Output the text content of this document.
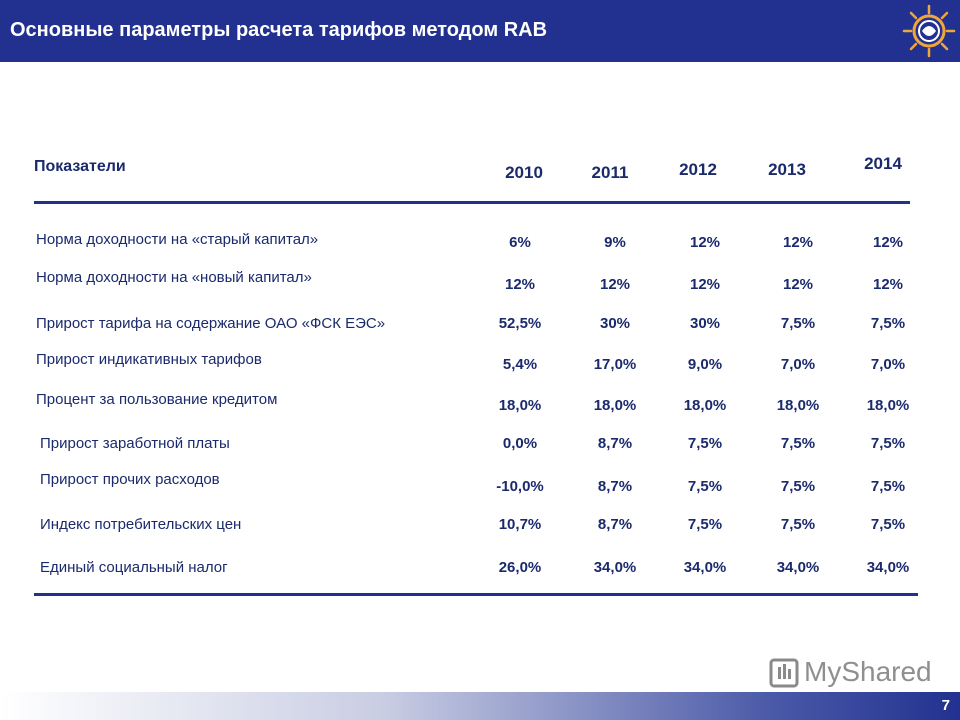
Основные параметры расчета тарифов методом RAB
Показатели	2010	2011	2012	2013	2014
Норма доходности на «старый капитал»	6%	9%	12%	12%	12%
Норма доходности на «новый капитал»	12%	12%	12%	12%	12%
Прирост тарифа на содержание ОАО «ФСК ЕЭС»	52,5%	30%	30%	7,5%	7,5%
Прирост индикативных тарифов	5,4%	17,0%	9,0%	7,0%	7,0%
Процент за пользование кредитом	18,0%	18,0%	18,0%	18,0%	18,0%
Прирост заработной платы	0,0%	8,7%	7,5%	7,5%	7,5%
Прирост прочих расходов	-10,0%	8,7%	7,5%	7,5%	7,5%
Индекс потребительских цен	10,7%	8,7%	7,5%	7,5%	7,5%
Единый социальный налог	26,0%	34,0%	34,0%	34,0%	34,0%
MyShared
7
